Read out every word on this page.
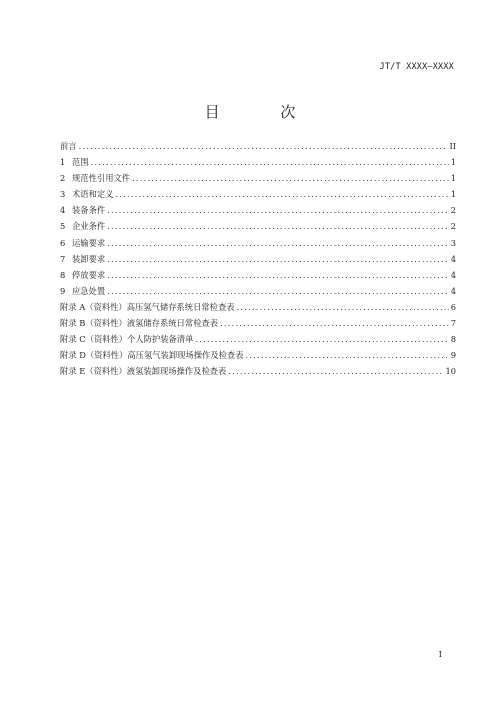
JT/T XXXX—XXXX
目 次
前言 .....	II
1 范围 .....	1
2 规范性引用文件 .....	1
3 术语和定义 .....	1
4 装备条件 .....	2
5 企业条件 .....	2
6 运输要求 .....	3
7 装卸要求 .....	4
8 停放要求 .....	4
9 应急处置 .....	4
附录 A（资料性）高压氢气储存系统日常检查表 .....	6
附录 B（资料性）液氢储存系统日常检查表 .....	7
附录 C（资料性）个人防护装备清单 .....	8
附录 D（资料性）高压氢气装卸现场操作及检查表 .....	9
附录 E（资料性）液氢装卸现场操作及检查表 .....	10
I
